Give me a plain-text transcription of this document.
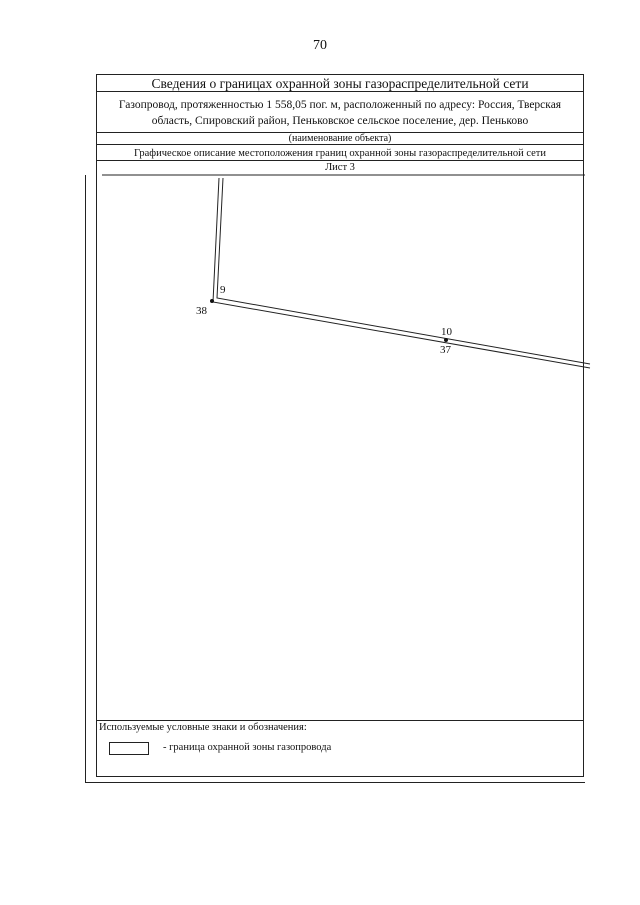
70
Сведения о границах охранной зоны газораспределительной сети
Газопровод, протяженностью 1 558,05 пог. м, расположенный по адресу: Россия, Тверская область, Спировский район, Пеньковское сельское поселение, дер. Пеньково
(наименование объекта)
Графическое описание местоположения границ охранной зоны газораспределительной сети
Лист 3
Используемые условные знаки и обозначения:
- граница охранной зоны газопровода
9
38
10
37
